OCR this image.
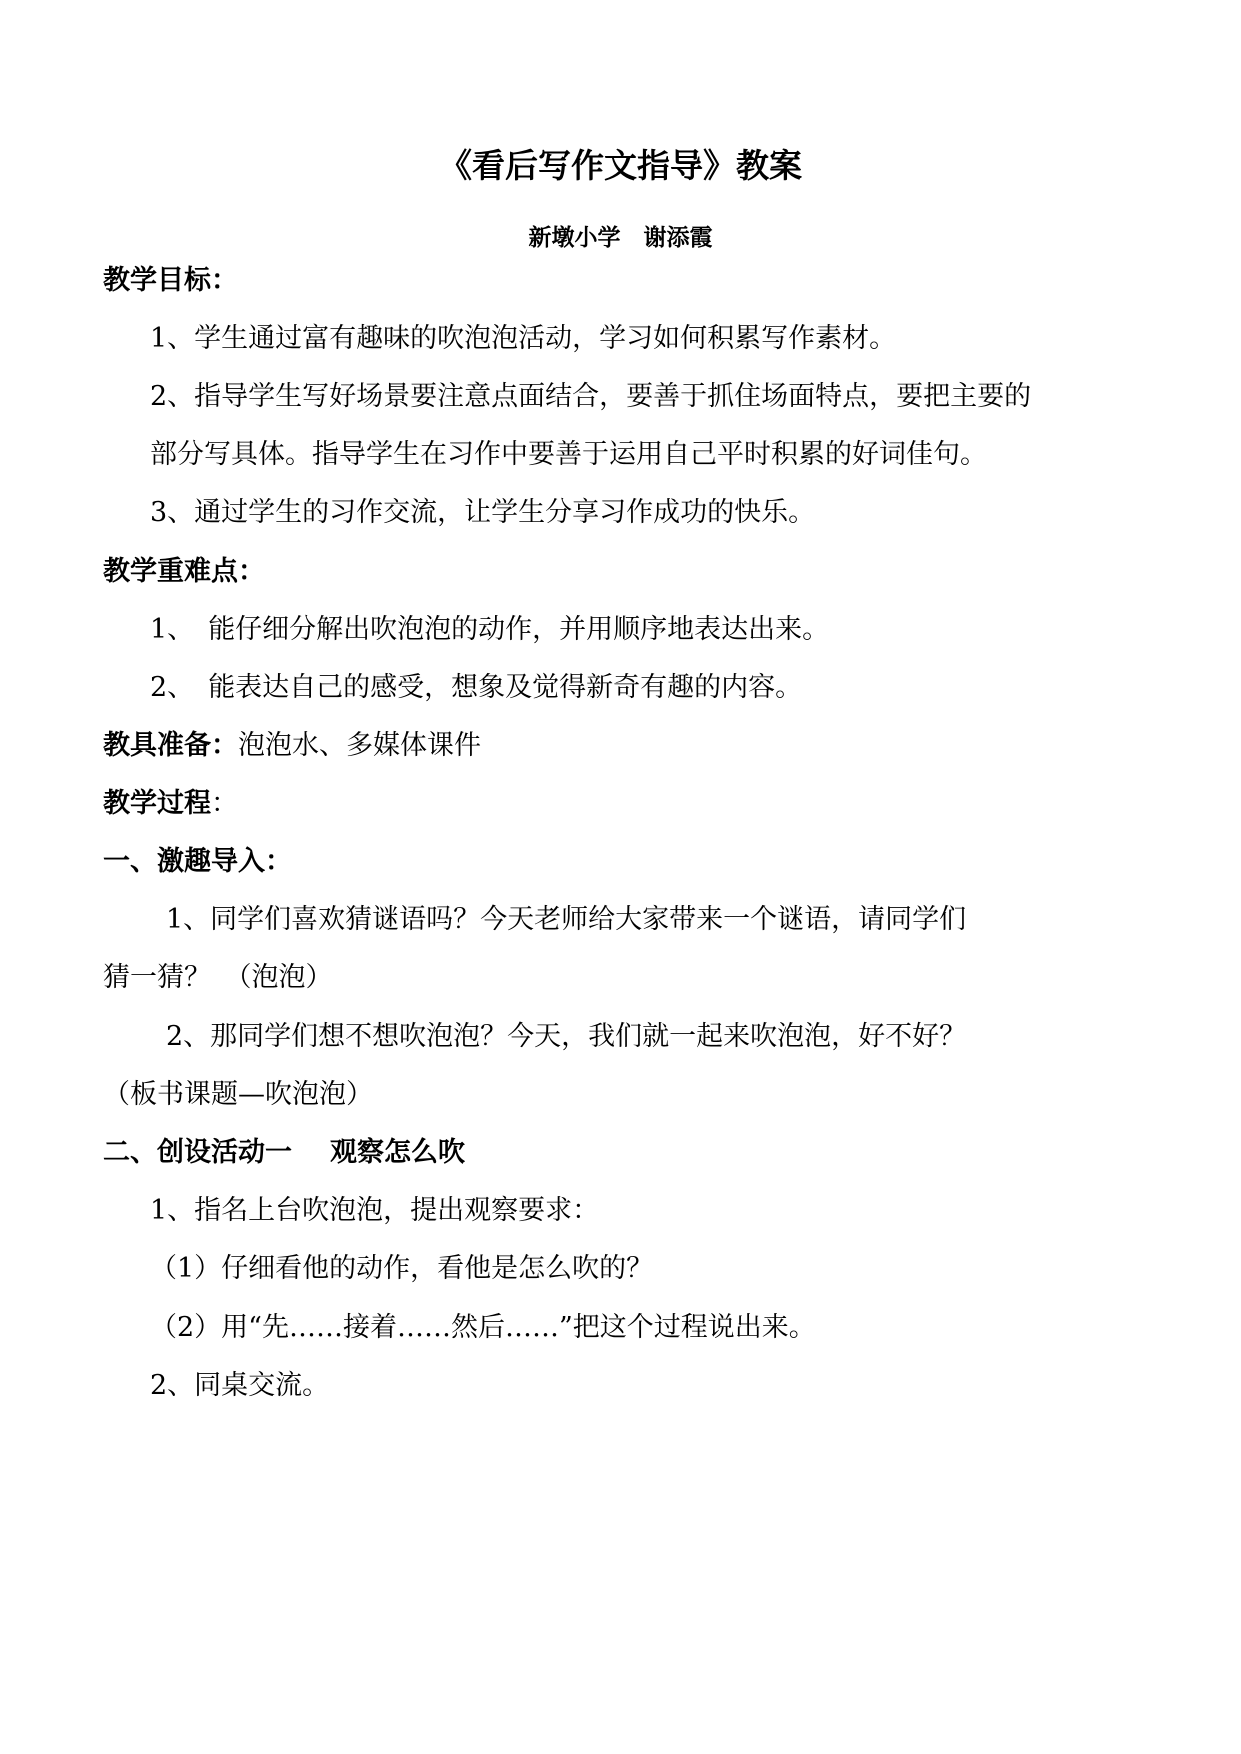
《看后写作文指导》教案
新墩小学　谢添霞
教学目标：
1、学生通过富有趣味的吹泡泡活动，学习如何积累写作素材。
2、指导学生写好场景要注意点面结合，要善于抓住场面特点，要把主要的
部分写具体。指导学生在习作中要善于运用自己平时积累的好词佳句。
3、通过学生的习作交流，让学生分享习作成功的快乐。
教学重难点：
1、 能仔细分解出吹泡泡的动作，并用顺序地表达出来。
2、 能表达自己的感受，想象及觉得新奇有趣的内容。
教具准备：泡泡水、多媒体课件
教学过程：
一、激趣导入：
1、同学们喜欢猜谜语吗？今天老师给大家带来一个谜语，请同学们
猜一猜？　（泡泡）
2、那同学们想不想吹泡泡？今天，我们就一起来吹泡泡，好不好？
（板书课题—吹泡泡）
二、创设活动一 观察怎么吹
1、指名上台吹泡泡，提出观察要求：
（1）仔细看他的动作，看他是怎么吹的？
（2）用“先……接着……然后……”把这个过程说出来。
2、同桌交流。
